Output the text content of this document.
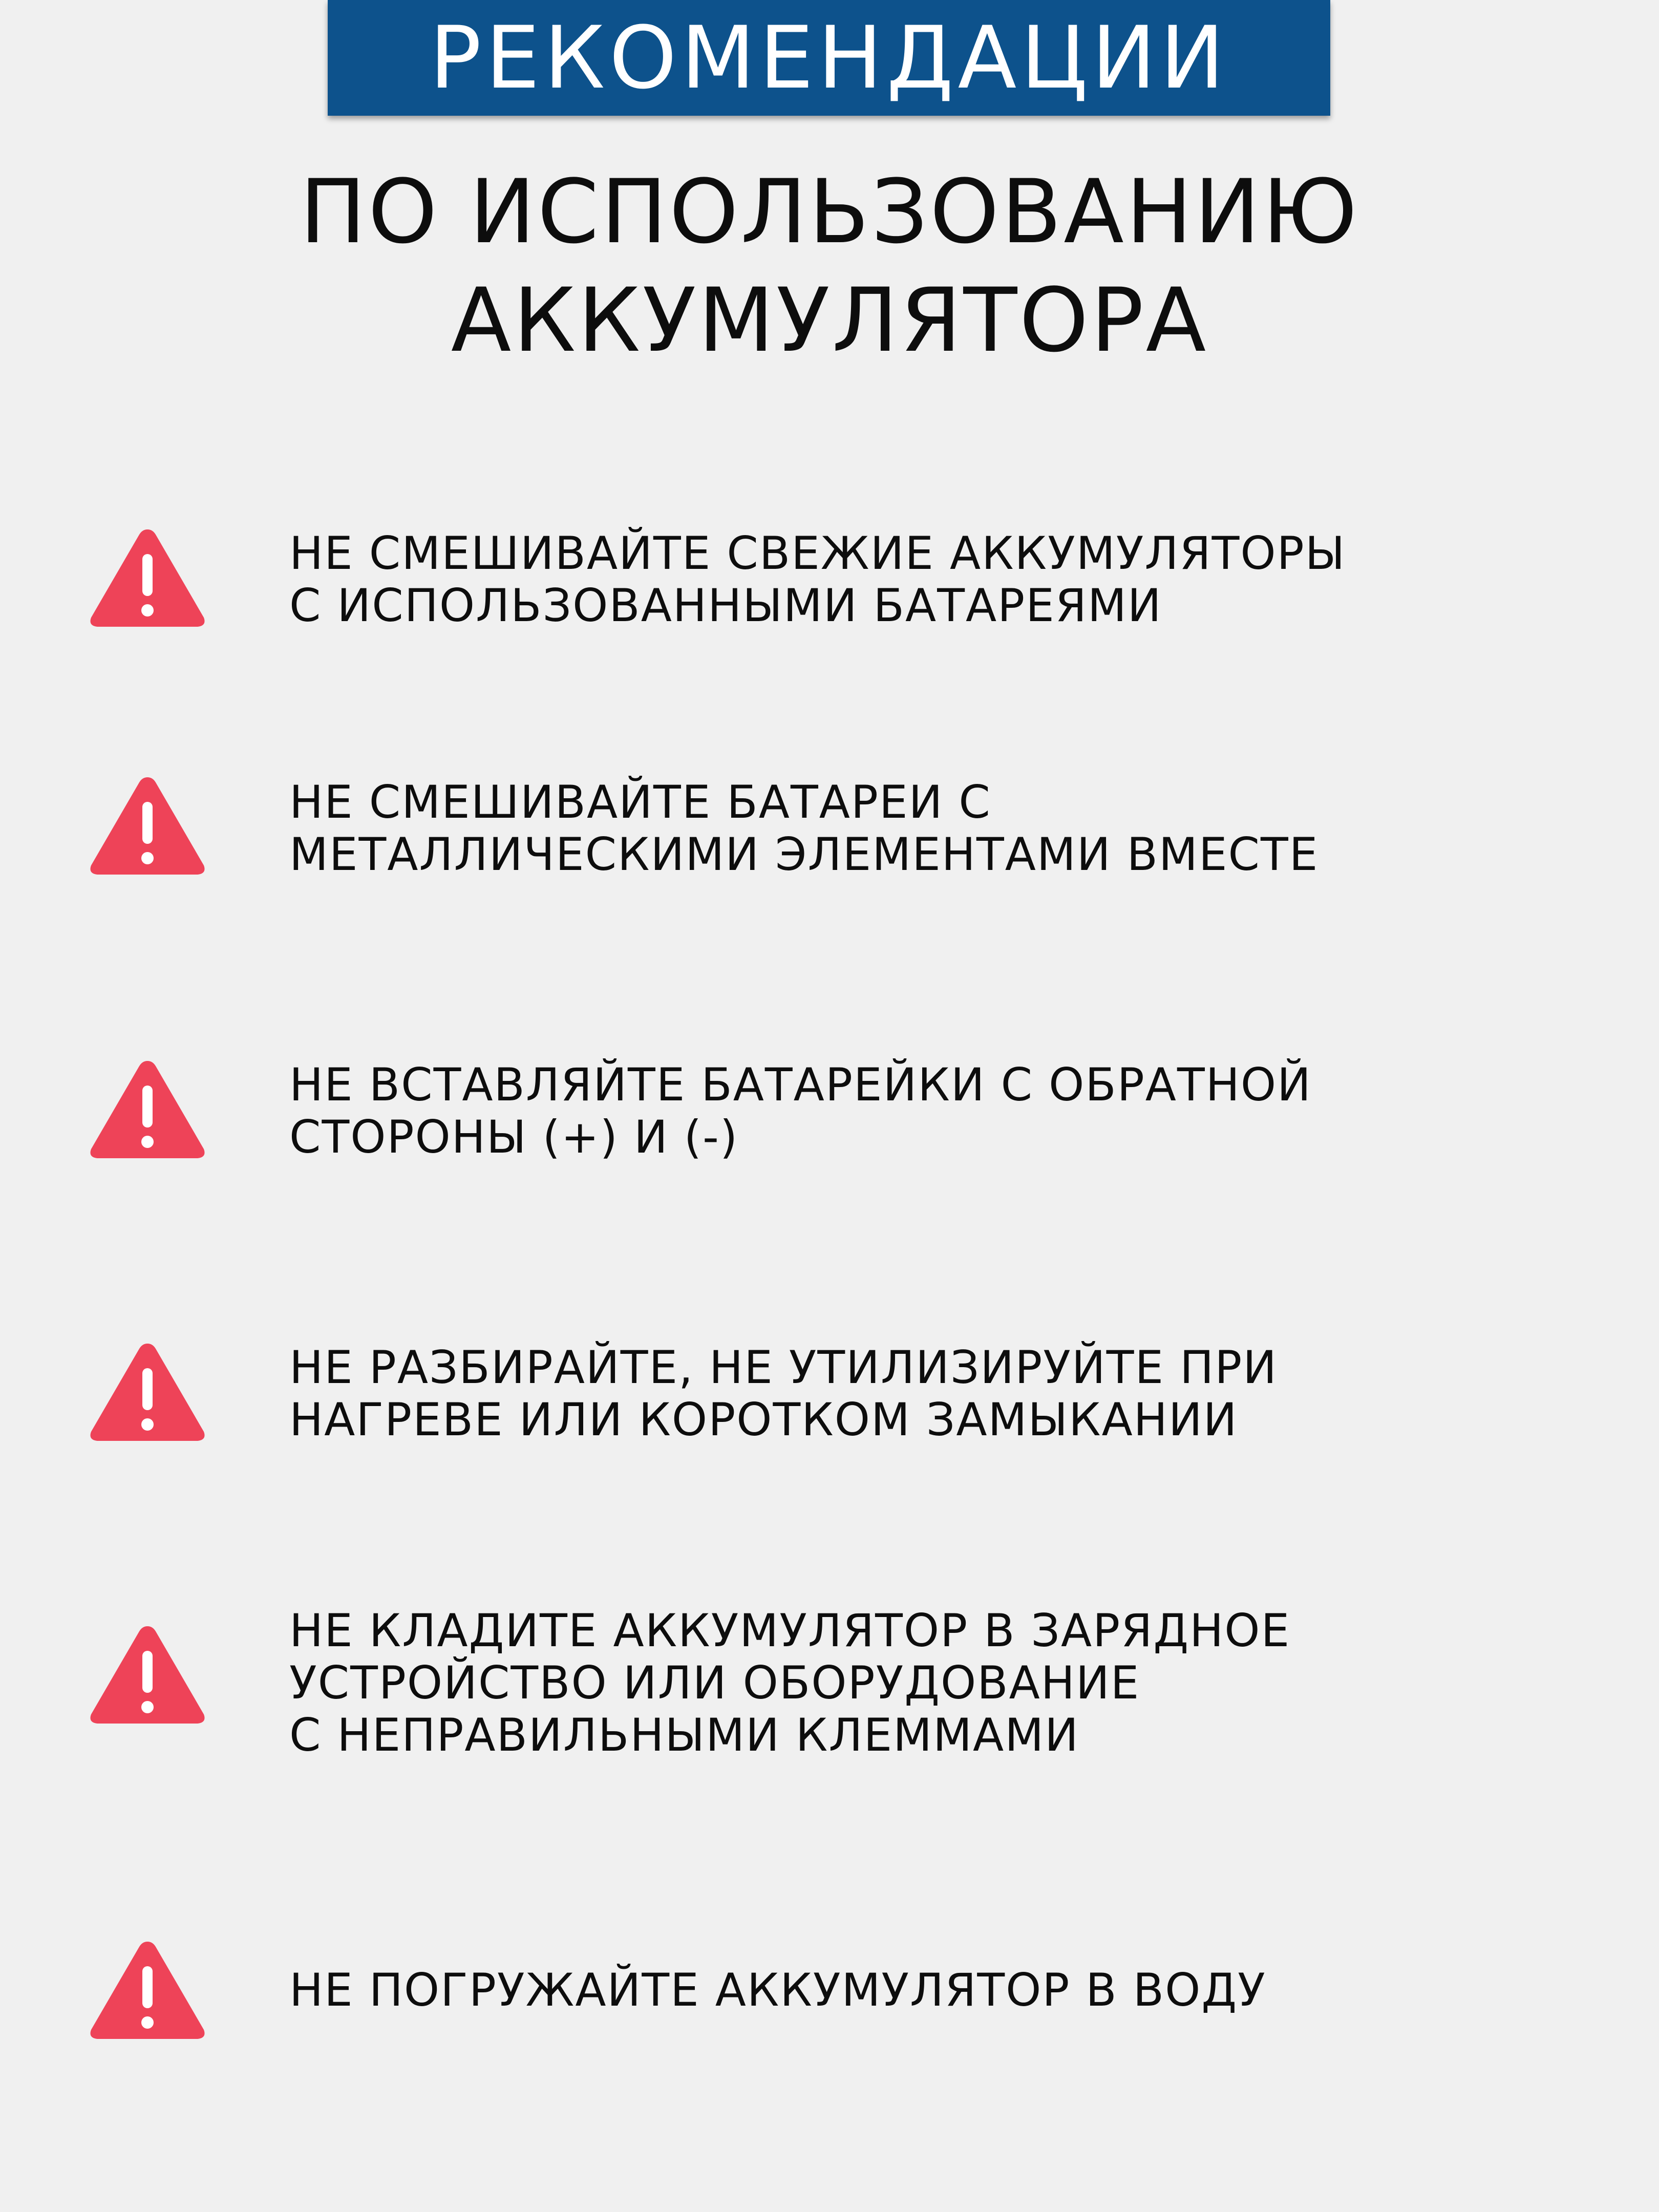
РЕКОМЕНДАЦИИ
ПО ИСПОЛЬЗОВАНИЮ
АККУМУЛЯТОРА
НЕ СМЕШИВАЙТЕ СВЕЖИЕ АККУМУЛЯТОРЫ
С ИСПОЛЬЗОВАННЫМИ БАТАРЕЯМИ
НЕ СМЕШИВАЙТЕ БАТАРЕИ С
МЕТАЛЛИЧЕСКИМИ ЭЛЕМЕНТАМИ ВМЕСТЕ
НЕ ВСТАВЛЯЙТЕ БАТАРЕЙКИ С ОБРАТНОЙ
СТОРОНЫ (+) И (-)
НЕ РАЗБИРАЙТЕ, НЕ УТИЛИЗИРУЙТЕ ПРИ
НАГРЕВЕ ИЛИ КОРОТКОМ ЗАМЫКАНИИ
НЕ КЛАДИТЕ АККУМУЛЯТОР В ЗАРЯДНОЕ
УСТРОЙСТВО ИЛИ ОБОРУДОВАНИЕ
С НЕПРАВИЛЬНЫМИ КЛЕММАМИ
НЕ ПОГРУЖАЙТЕ АККУМУЛЯТОР В ВОДУ
